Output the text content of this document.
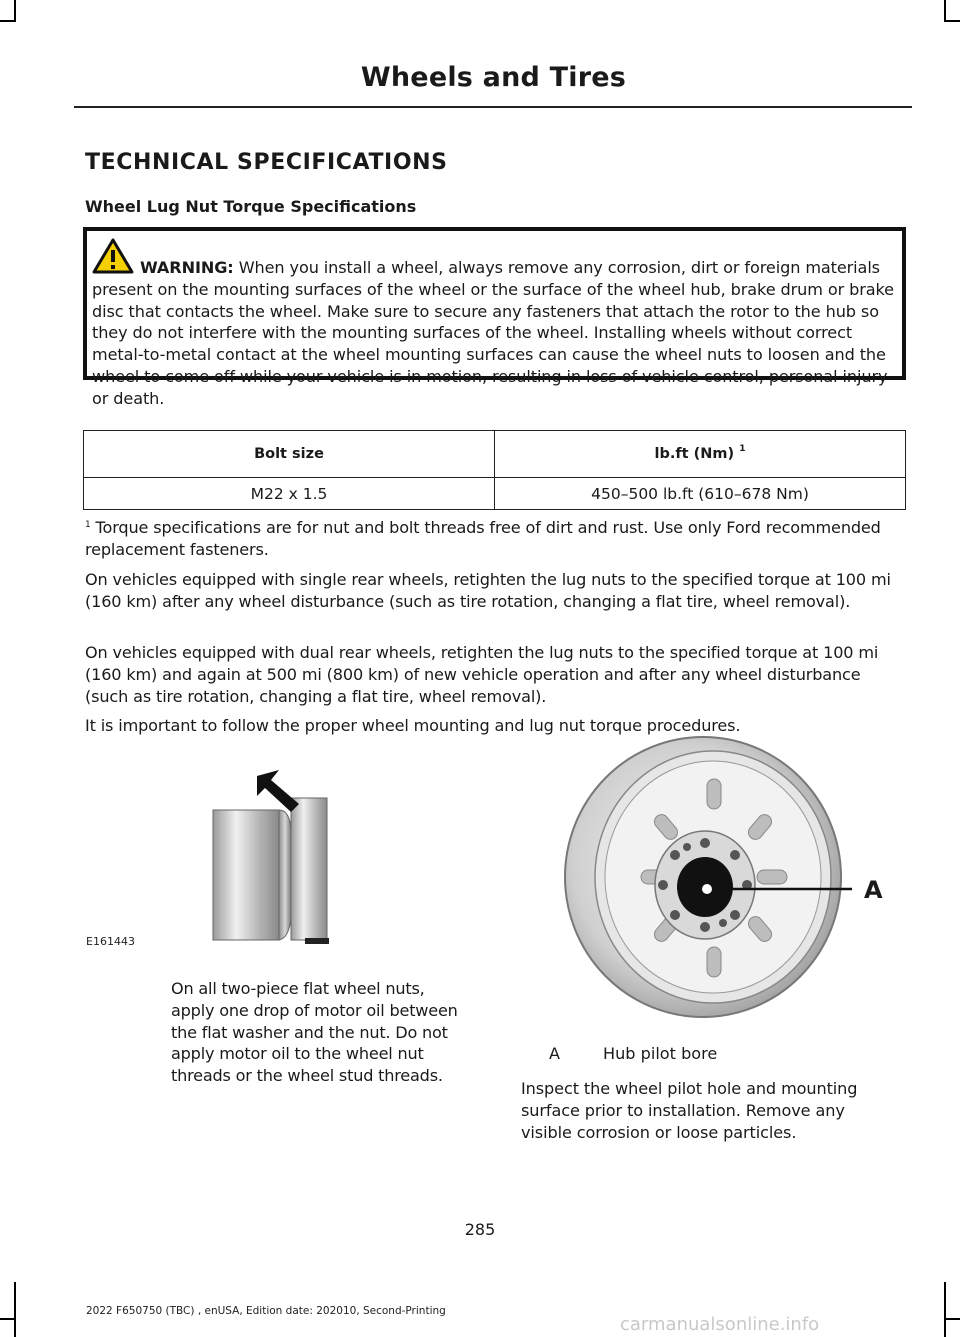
Wheels and Tires
TECHNICAL SPECIFICATIONS
Wheel Lug Nut Torque Specifications
WARNING: When you install a wheel, always remove any corrosion, dirt or foreign materials present on the mounting surfaces of the wheel or the surface of the wheel hub, brake drum or brake disc that contacts the wheel. Make sure to secure any fasteners that attach the rotor to the hub so they do not interfere with the mounting surfaces of the wheel. Installing wheels without correct metal-to-metal contact at the wheel mounting surfaces can cause the wheel nuts to loosen and the wheel to come off while your vehicle is in motion, resulting in loss of vehicle control, personal injury or death.
Bolt size	lb.ft (Nm) $^1$
M22 x 1.5	450–500 lb.ft (610–678 Nm)
$^1$ Torque specifications are for nut and bolt threads free of dirt and rust. Use only Ford recommended replacement fasteners.
On vehicles equipped with single rear wheels, retighten the lug nuts to the specified torque at 100 mi (160 km) after any wheel disturbance (such as tire rotation, changing a flat tire, wheel removal).
On vehicles equipped with dual rear wheels, retighten the lug nuts to the specified torque at 100 mi (160 km) and again at 500 mi (800 km) of new vehicle operation and after any wheel disturbance (such as tire rotation, changing a flat tire, wheel removal).
It is important to follow the proper wheel mounting and lug nut torque procedures.
E161443
On all two-piece flat wheel nuts, apply one drop of motor oil between the flat washer and the nut. Do not apply motor oil to the wheel nut threads or the wheel stud threads.
A
A	Hub pilot bore
Inspect the wheel pilot hole and mounting surface prior to installation. Remove any visible corrosion or loose particles.
285
2022 F650750 (TBC) , enUSA, Edition date: 202010, Second-Printing
carmanualsonline.info
